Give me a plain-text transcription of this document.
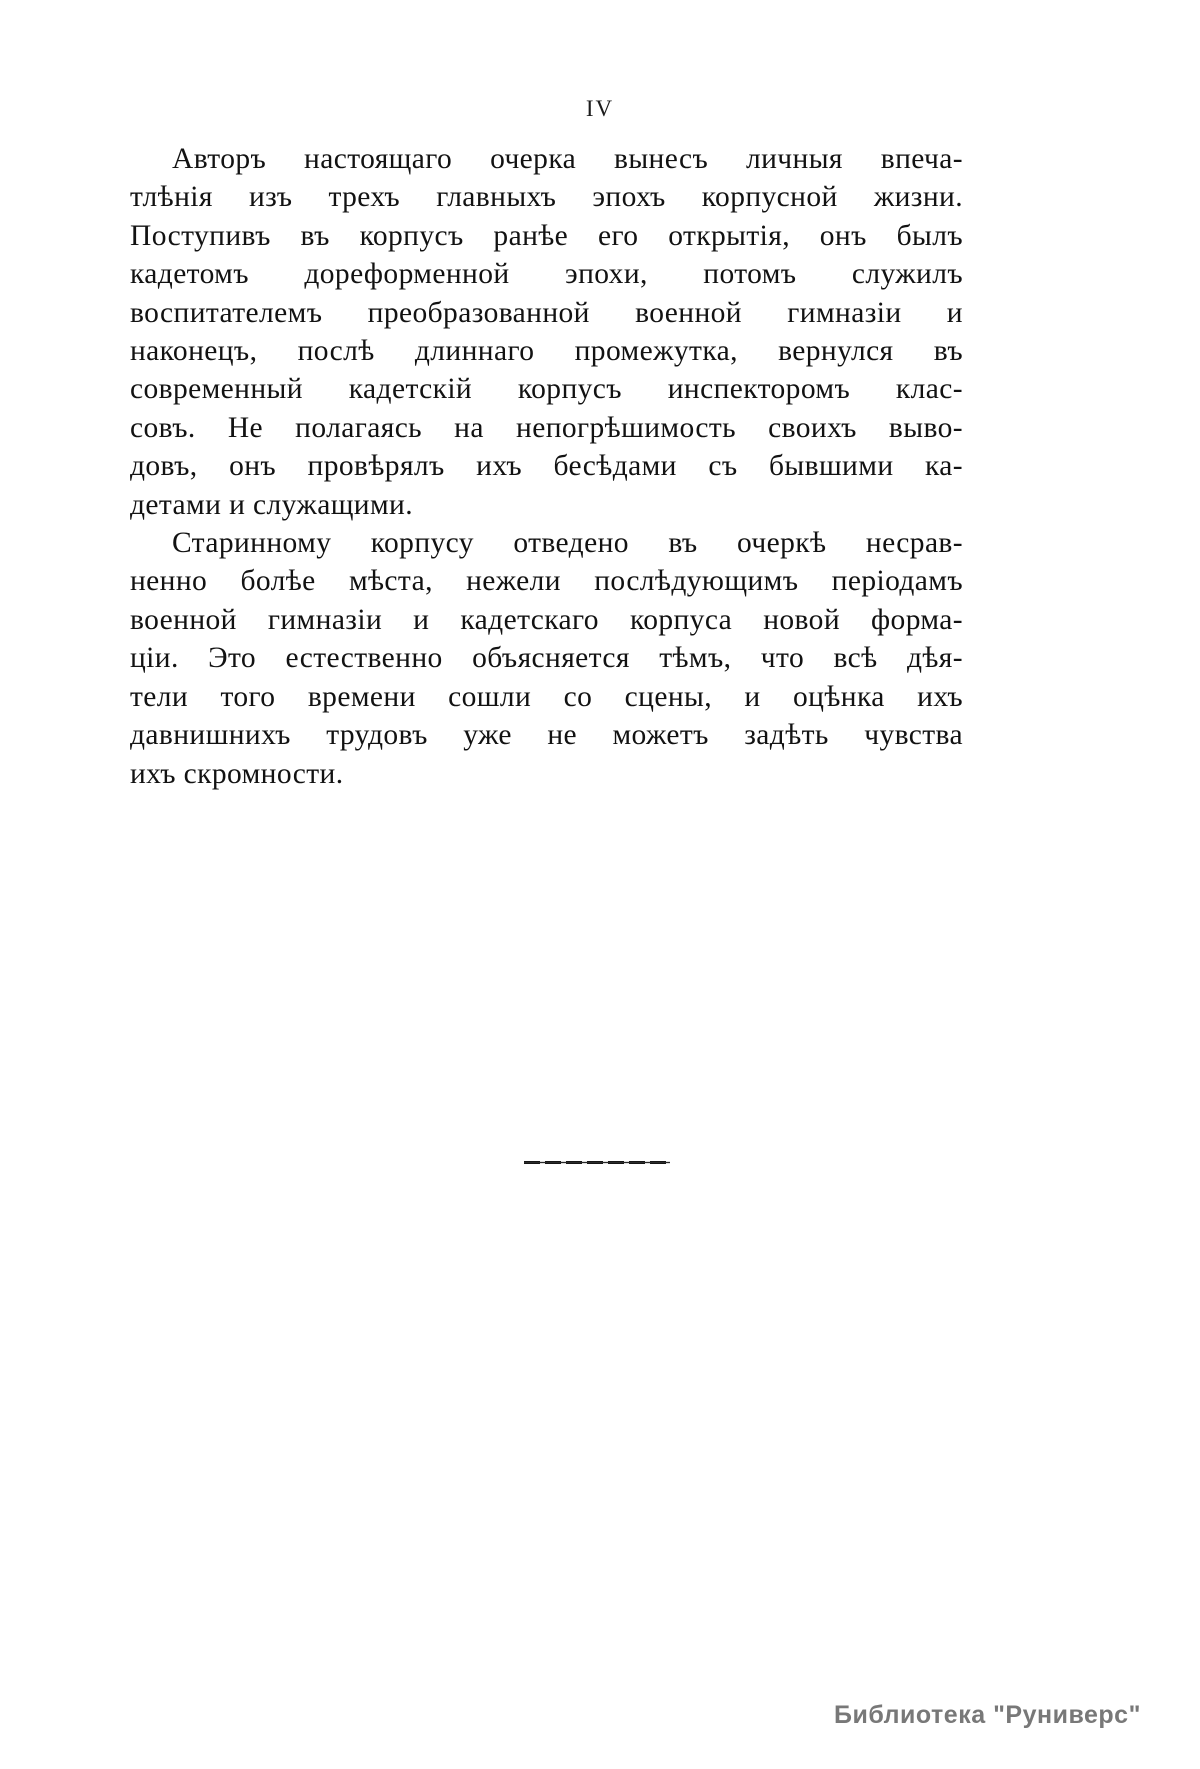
IV
Авторъ настоящаго очерка вынесъ личныя впеча-
тлѣнія изъ трехъ главныхъ эпохъ корпусной жизни.
Поступивъ въ корпусъ ранѣе его открытія, онъ былъ
кадетомъ дореформенной эпохи, потомъ служилъ
воспитателемъ преобразованной военной гимназіи и
наконецъ, послѣ длиннаго промежутка, вернулся въ
современный кадетскій корпусъ инспекторомъ клас-
совъ. Не полагаясь на непогрѣшимость своихъ выво-
довъ, онъ провѣрялъ ихъ бесѣдами съ бывшими ка-
детами и служащими.
Старинному корпусу отведено въ очеркѣ несрав-
ненно болѣе мѣста, нежели послѣдующимъ періодамъ
военной гимназіи и кадетскаго корпуса новой форма-
ціи. Это естественно объясняется тѣмъ, что всѣ дѣя-
тели того времени сошли со сцены, и оцѣнка ихъ
давнишнихъ трудовъ уже не можетъ задѣть чувства
ихъ скромности.
Библиотека "Руниверс"
